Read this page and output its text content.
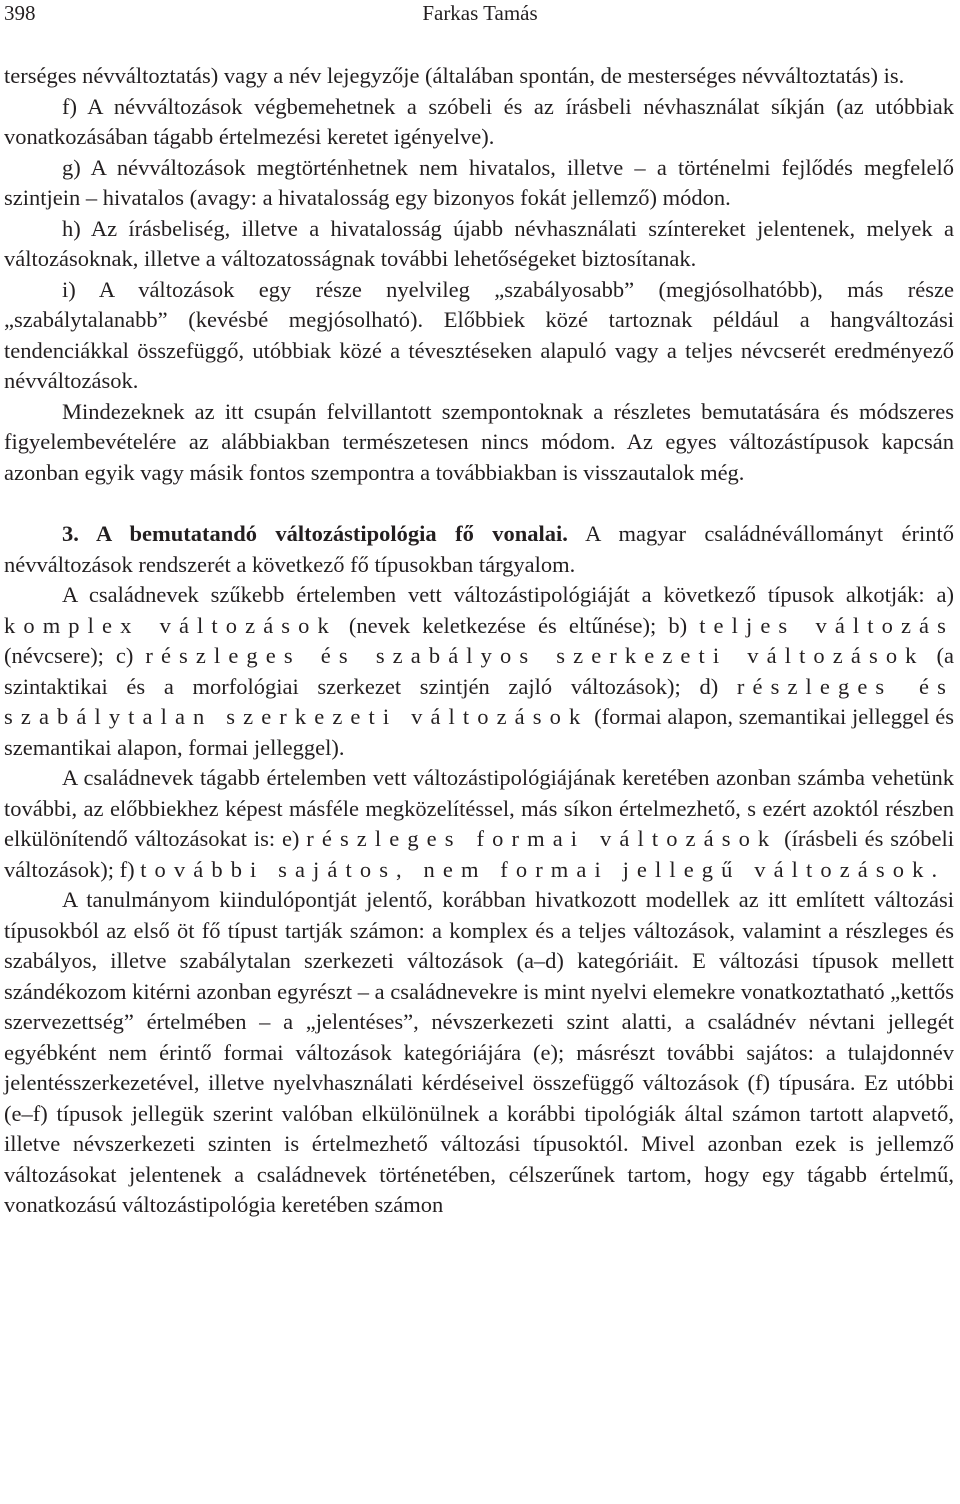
398	Farkas Tamás

terséges névváltoztatás) vagy a név lejegyzője (általában spontán, de mesterséges névváltoztatás) is.

f) A névváltozások végbemehetnek a szóbeli és az írásbeli névhasználat síkján (az utóbbiak vonatkozásában tágabb értelmezési keretet igényelve).

g) A névváltozások megtörténhetnek nem hivatalos, illetve – a történelmi fejlődés megfelelő szintjein – hivatalos (avagy: a hivatalosság egy bizonyos fokát jellemző) módon.

h) Az írásbeliség, illetve a hivatalosság újabb névhasználati színtereket jelentenek, melyek a változásoknak, illetve a változatosságnak további lehetőségeket biztosítanak.

i) A változások egy része nyelvileg „szabályosabb” (megjósolhatóbb), más része „szabálytalanabb” (kevésbé megjósolható). Előbbiek közé tartoznak például a hangváltozási tendenciákkal összefüggő, utóbbiak közé a tévesztéseken alapuló vagy a teljes névcserét eredményező névváltozások.

Mindezeknek az itt csupán felvillantott szempontoknak a részletes bemutatására és módszeres figyelembevételére az alábbiakban természetesen nincs módom. Az egyes változástípusok kapcsán azonban egyik vagy másik fontos szempontra a továbbiakban is visszautalok még.

3. A bemutatandó változástipológia fő vonalai. A magyar családnévállományt érintő névváltozások rendszerét a következő fő típusokban tárgyalom.

A családnevek szűkebb értelemben vett változástipológiáját a következő típusok alkotják: a) komplex változások (nevek keletkezése és eltűnése); b) teljes változás (névcsere); c) részleges és szabályos szerkezeti változások (a szintaktikai és a morfológiai szerkezet szintjén zajló változások); d) részleges és szabálytalan szerkezeti változások (formai alapon, szemantikai jelleggel és szemantikai alapon, formai jelleggel).

A családnevek tágabb értelemben vett változástipológiájának keretében azonban számba vehetünk további, az előbbiekhez képest másféle megközelítéssel, más síkon értelmezhető, s ezért azoktól részben elkülönítendő változásokat is: e) részleges formai változások (írásbeli és szóbeli változások); f) további sajátos, nem formai jellegű változások.

A tanulmányom kiindulópontját jelentő, korábban hivatkozott modellek az itt említett változási típusokból az első öt fő típust tartják számon: a komplex és a teljes változások, valamint a részleges és szabályos, illetve szabálytalan szerkezeti változások (a–d) kategóriáit. E változási típusok mellett szándékozom kitérni azonban egyrészt – a családnevekre is mint nyelvi elemekre vonatkoztatható „kettős szervezettség” értelmében – a „jelentéses”, névszerkezeti szint alatti, a családnév névtani jellegét egyébként nem érintő formai változások kategóriájára (e); másrészt további sajátos: a tulajdonnév jelentésszerkezetével, illetve nyelvhasználati kérdéseivel összefüggő változások (f) típusára. Ez utóbbi (e–f) típusok jellegük szerint valóban elkülönülnek a korábbi tipológiák által számon tartott alapvető, illetve névszerkezeti szinten is értelmezhető változási típusoktól. Mivel azonban ezek is jellemző változásokat jelentenek a családnevek történetében, célszerűnek tartom, hogy egy tágabb értelmű, vonatkozású változástipológia keretében számon
